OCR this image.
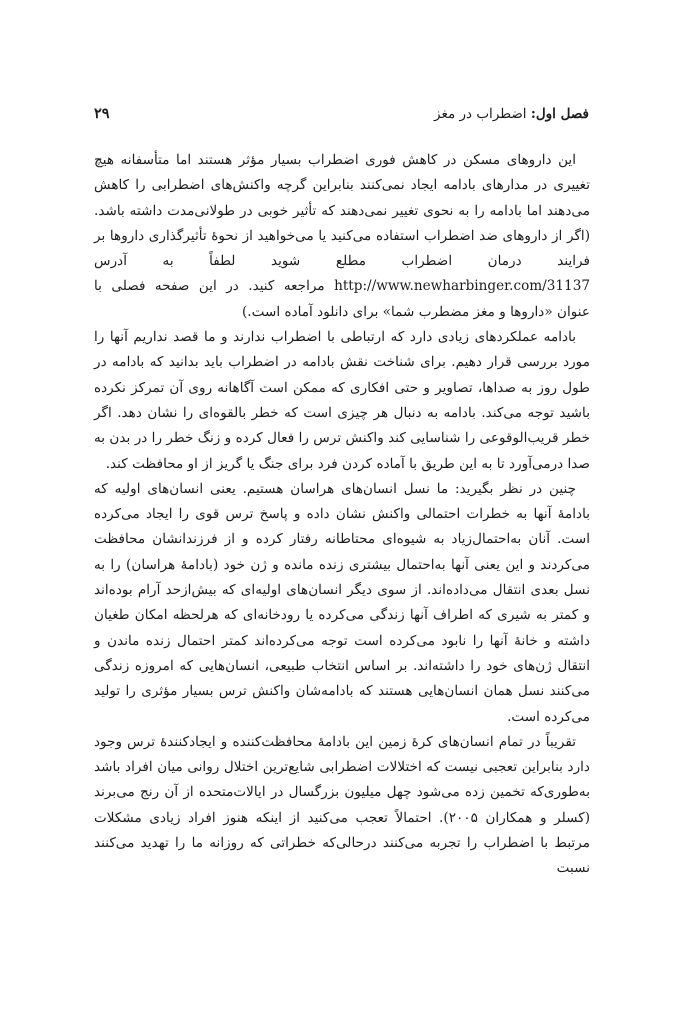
فصل اول: اضطراب در مغز
۲۹

این داروهای مسکن در کاهش فوری اضطراب بسیار مؤثر هستند اما متأسفانه هیچ تغییری در مدارهای بادامه ایجاد نمی‌کنند بنابراین گرچه واکنش‌های اضطرابی را کاهش می‌دهند اما بادامه را به نحوی تغییر نمی‌دهند که تأثیر خوبی در طولانی‌مدت داشته باشد. (اگر از داروهای ضد اضطراب استفاده می‌کنید یا می‌خواهید از نحوهٔ تأثیرگذاری داروها بر فرایند درمان اضطراب مطلع شوید لطفاً به آدرس http://www.newharbinger.com/31137 مراجعه کنید. در این صفحه فصلی با عنوان «داروها و مغز مضطرب شما» برای دانلود آماده است.)

بادامه عملکردهای زیادی دارد که ارتباطی با اضطراب ندارند و ما قصد نداریم آنها را مورد بررسی قرار دهیم. برای شناخت نقش بادامه در اضطراب باید بدانید که بادامه در طول روز به صداها، تصاویر و حتی افکاری که ممکن است آگاهانه روی آن تمرکز نکرده باشید توجه می‌کند. بادامه به دنبال هر چیزی است که خطر بالقوه‌ای را نشان دهد. اگر خطر قریب‌الوقوعی را شناسایی کند واکنش ترس را فعال کرده و زنگ خطر را در بدن به صدا درمی‌آورد تا به این طریق با آماده کردن فرد برای جنگ یا گریز از او محافظت کند.

چنین در نظر بگیرید: ما نسل انسان‌های هراسان هستیم. یعنی انسان‌های اولیه که بادامهٔ آنها به خطرات احتمالی واکنش نشان داده و پاسخ ترس قوی را ایجاد می‌کرده است. آنان به‌احتمال‌زیاد به شیوه‌ای محتاطانه رفتار کرده و از فرزندانشان محافظت می‌کردند و این یعنی آنها به‌احتمال بیشتری زنده مانده و ژن خود (بادامهٔ هراسان) را به نسل بعدی انتقال می‌داده‌اند. از سوی دیگر انسان‌های اولیه‌ای که بیش‌ازحد آرام بوده‌اند و کمتر به شیری که اطراف آنها زندگی می‌کرده یا رودخانه‌ای که هرلحظه امکان طغیان داشته و خانهٔ آنها را نابود می‌کرده است توجه می‌کرده‌اند کمتر احتمال زنده ماندن و انتقال ژن‌های خود را داشته‌اند. بر اساس انتخاب طبیعی، انسان‌هایی که امروزه زندگی می‌کنند نسل همان انسان‌هایی هستند که بادامه‌شان واکنش ترس بسیار مؤثری را تولید می‌کرده است.

تقریباً در تمام انسان‌های کرهٔ زمین این بادامهٔ محافظت‌کننده و ایجادکنندهٔ ترس وجود دارد بنابراین تعجبی نیست که اختلالات اضطرابی شایع‌ترین اختلال روانی میان افراد باشد به‌طوری‌که تخمین زده می‌شود چهل میلیون بزرگسال در ایالات‌متحده از آن رنج می‌برند (کسلر و همکاران ۲۰۰۵). احتمالاً تعجب می‌کنید از اینکه هنوز افراد زیادی مشکلات مرتبط با اضطراب را تجربه می‌کنند درحالی‌که خطراتی که روزانه ما را تهدید می‌کنند نسبت
